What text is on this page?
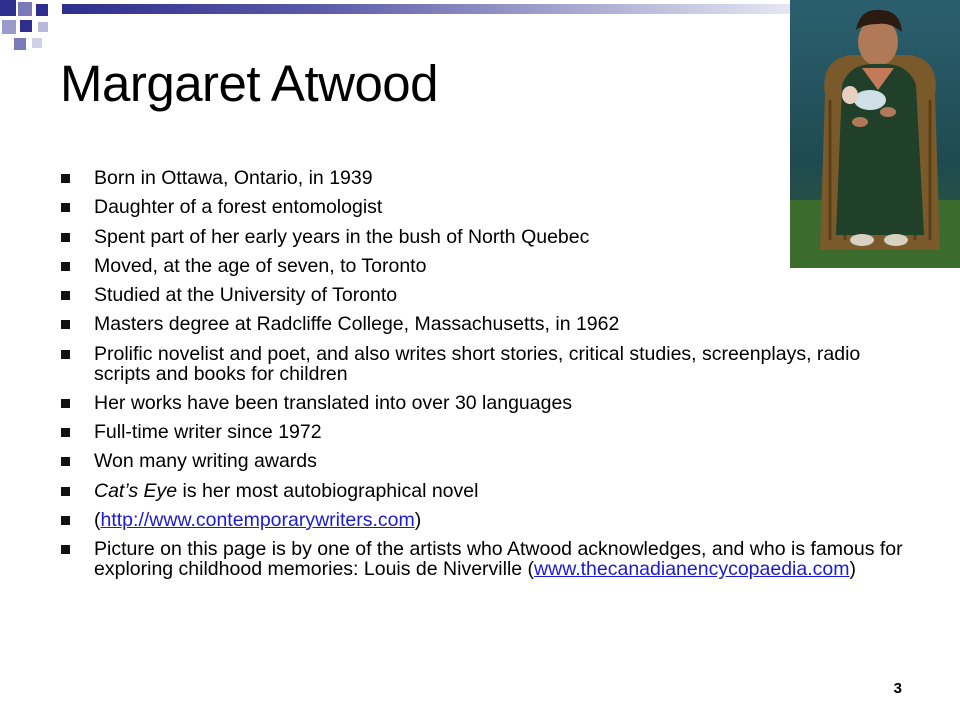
Margaret Atwood
Born in Ottawa, Ontario, in 1939
Daughter of a forest entomologist
Spent part of her early years in the bush of North Quebec
Moved, at the age of seven, to Toronto
Studied at the University of Toronto
Masters degree at Radcliffe College, Massachusetts, in 1962
Prolific novelist and poet, and also writes short stories, critical studies, screenplays, radio scripts and books for children
Her works have been translated into over 30 languages
Full-time writer since 1972
Won many writing awards
Cat’s Eye is her most autobiographical novel
(http://www.contemporarywriters.com)
Picture on this page is by one of the artists who Atwood acknowledges, and who is famous for exploring childhood memories: Louis de Niverville (www.thecanadianencycopaedia.com)
3
